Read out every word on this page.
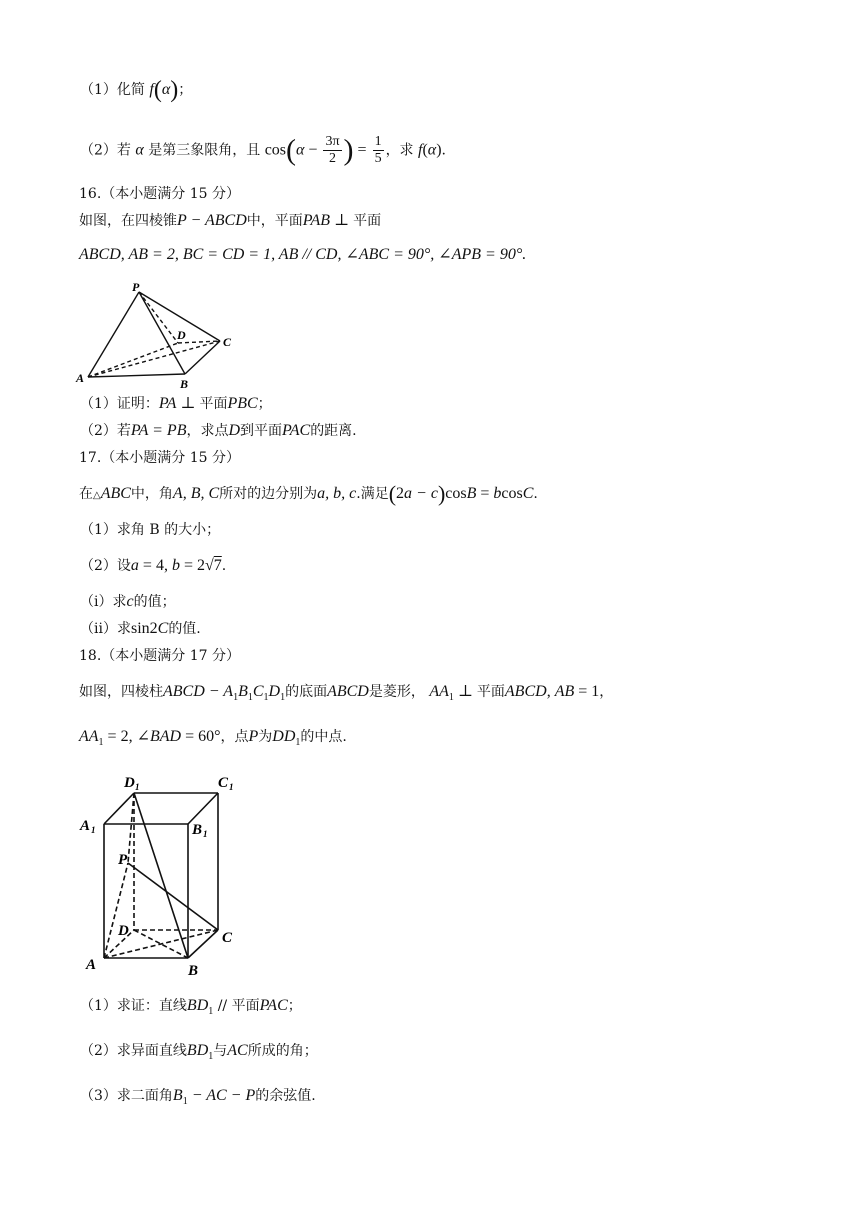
（1）化简 f(α)；
（2）若 α 是第三象限角，且 $\cos(\alpha - \frac{3\pi}{2}$ ) = $\frac{1}{5}$ ，求 f(α).
16.（本小题满分 15 分）
如图，在四棱锥P − ABCD中，平面PAB ⊥ 平面
ABCD, AB = 2, BC = CD = 1, AB // CD, ∠ABC = 90°, ∠APB = 90°.
P
D	C
A	B
（1）证明：PA ⊥ 平面PBC；
（2）若PA = PB，求点D到平面PAC的距离.
17.（本小题满分 15 分）
在△ABC中，角A, B, C所对的边分别为a, b, c.满足(2a − c)cosB = bcosC.
（1）求角 B 的大小；
（2）设a = 4, b = 2√7.
（i）求c的值；
（ii）求sin2C的值.
18.（本小题满分 17 分）
如图，四棱柱ABCD − $A_1B_1C_1D_1$的底面ABCD是菱形， $AA_1$ ⊥ 平面ABCD, AB = 1，
$AA_1 = 2$, ∠BAD = 60°，点P为$DD_1$的中点.
D 1	C 1
A 1	B 1
P
D	C
A	B
（1）求证：直线$BD_1$ // 平面PAC；
（2）求异面直线$BD_1$与AC所成的角；
（3）求二面角$B_1$ − AC − P的余弦值.
